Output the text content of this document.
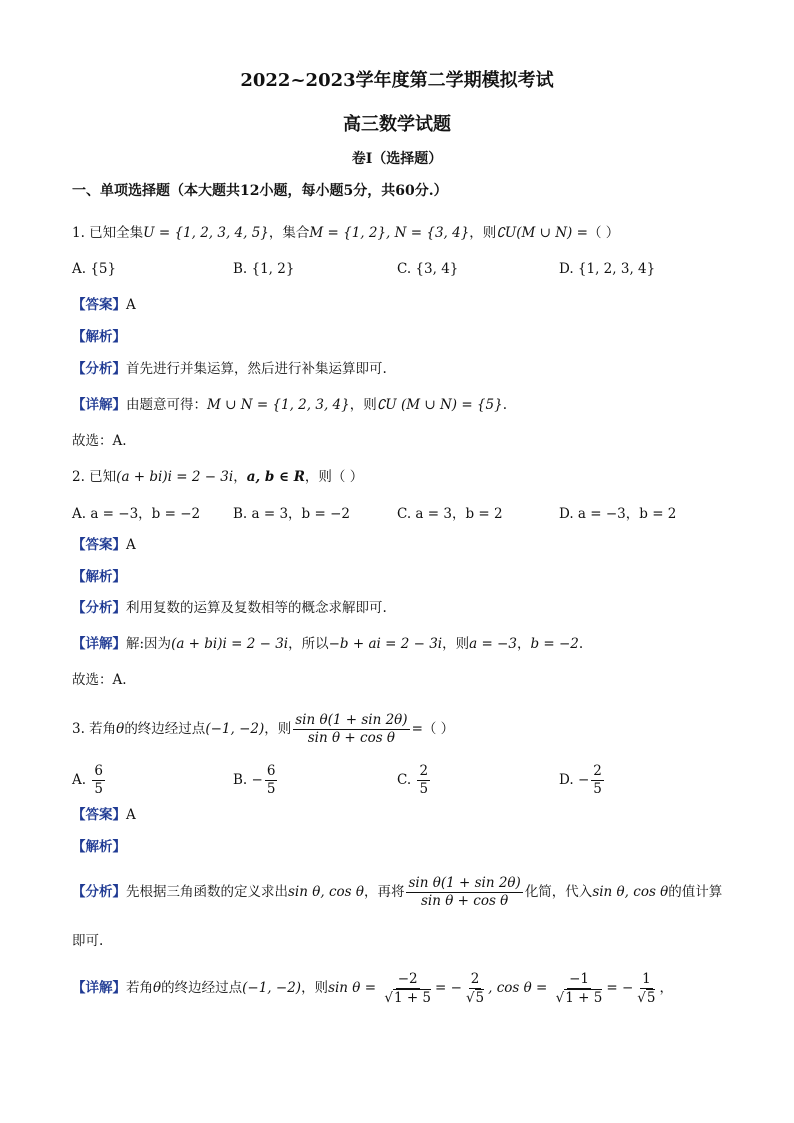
2022~2023学年度第二学期模拟考试
高三数学试题
卷Ⅰ（选择题）
一、单项选择题（本大题共12小题，每小题5分，共60分.）
1. 已知全集U = {1, 2, 3, 4, 5}，集合M = {1, 2}, N = {3, 4}，则∁U(M ∪ N) =（ ）
A. {5}	B. {1, 2}	C. {3, 4}	D. {1, 2, 3, 4}
【答案】A
【解析】
【分析】首先进行并集运算，然后进行补集运算即可.
【详解】由题意可得：M ∪ N = {1, 2, 3, 4}，则∁U (M ∪ N) = {5}.
故选：A.
2. 已知(a + bi)i = 2 − 3i，a, b ∈ R，则（ ）
A. a = −3，b = −2 B. a = 3，b = −2	C. a = 3，b = 2	D. a = −3，b = 2
【答案】A
【解析】
【分析】利用复数的运算及复数相等的概念求解即可.
【详解】解:因为(a + bi)i = 2 − 3i，所以−b + ai = 2 − 3i，则a = −3，b = −2.
故选：A.
3. 若角θ的终边经过点(−1, −2)，则 $\frac{\text{sin θ(1 + sin 2θ)}}{\text{sin θ + cos θ}}$ =（ ）
A. $\frac{6}{5}$	B. − $\frac{6}{5}$	C. $\frac{2}{5}$	D. − $\frac{2}{5}$
【答案】A
【解析】
【分析】先根据三角函数的定义求出sin θ, cos θ，再将 $\frac{\text{sin θ(1 + sin 2θ)}}{\text{sin θ + cos θ}}$ 化简，代入sin θ, cos θ的值计算
即可.
【详解】若角θ的终边经过点(−1, −2)，则$\sin \theta = \frac{-2}{√1 + 5}$ = − $\frac{2}{√5}$ , $\cos \theta = \frac{-1}{√1 + 5}$ = − $\frac{1}{√5}$ ，
